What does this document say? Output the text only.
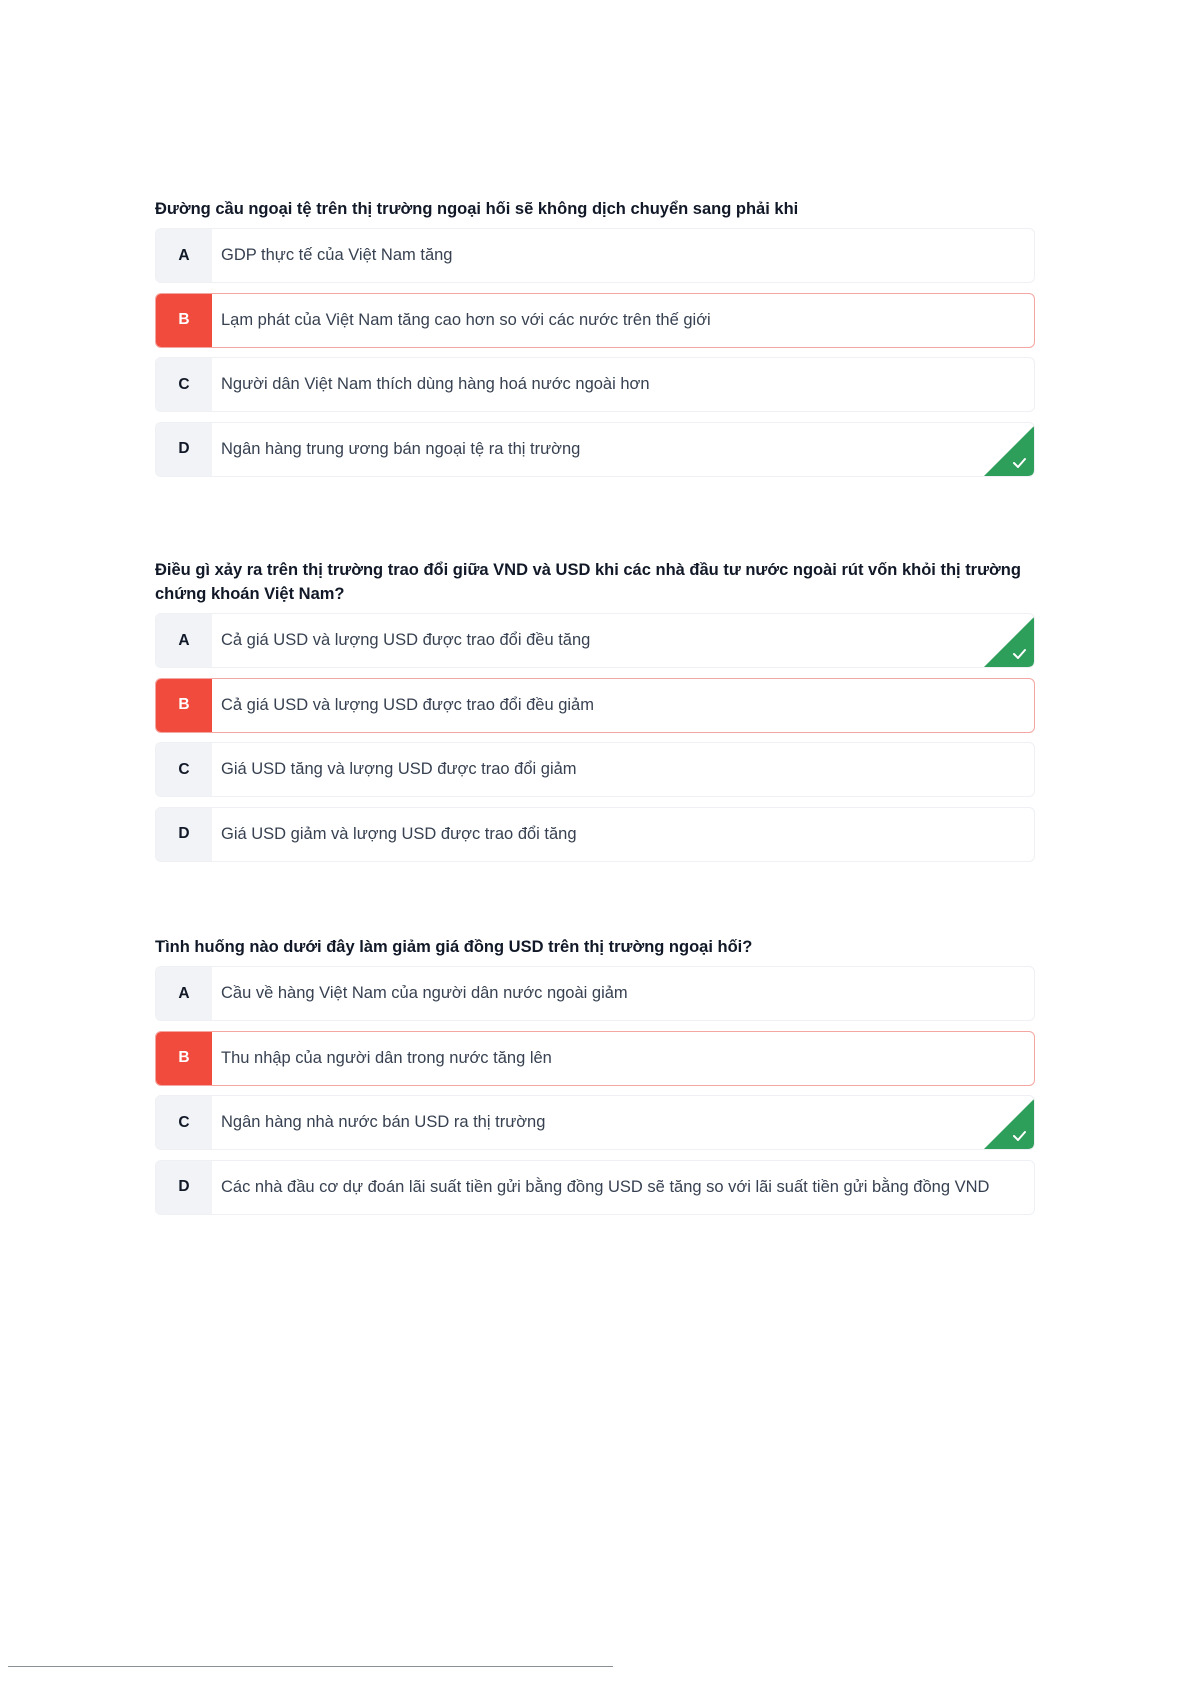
Đường cầu ngoại tệ trên thị trường ngoại hối sẽ không dịch chuyển sang phải khi

A	GDP thực tế của Việt Nam tăng
B	Lạm phát của Việt Nam tăng cao hơn so với các nước trên thế giới
C	Người dân Việt Nam thích dùng hàng hoá nước ngoài hơn
D	Ngân hàng trung ương bán ngoại tệ ra thị trường

Điều gì xảy ra trên thị trường trao đổi giữa VND và USD khi các nhà đầu tư nước ngoài rút vốn khỏi thị trường chứng khoán Việt Nam?

A	Cả giá USD và lượng USD được trao đổi đều tăng
B	Cả giá USD và lượng USD được trao đổi đều giảm
C	Giá USD tăng và lượng USD được trao đổi giảm
D	Giá USD giảm và lượng USD được trao đổi tăng

Tình huống nào dưới đây làm giảm giá đồng USD trên thị trường ngoại hối?

A	Cầu về hàng Việt Nam của người dân nước ngoài giảm
B	Thu nhập của người dân trong nước tăng lên
C	Ngân hàng nhà nước bán USD ra thị trường
D	Các nhà đầu cơ dự đoán lãi suất tiền gửi bằng đồng USD sẽ tăng so với lãi suất tiền gửi bằng đồng VND
